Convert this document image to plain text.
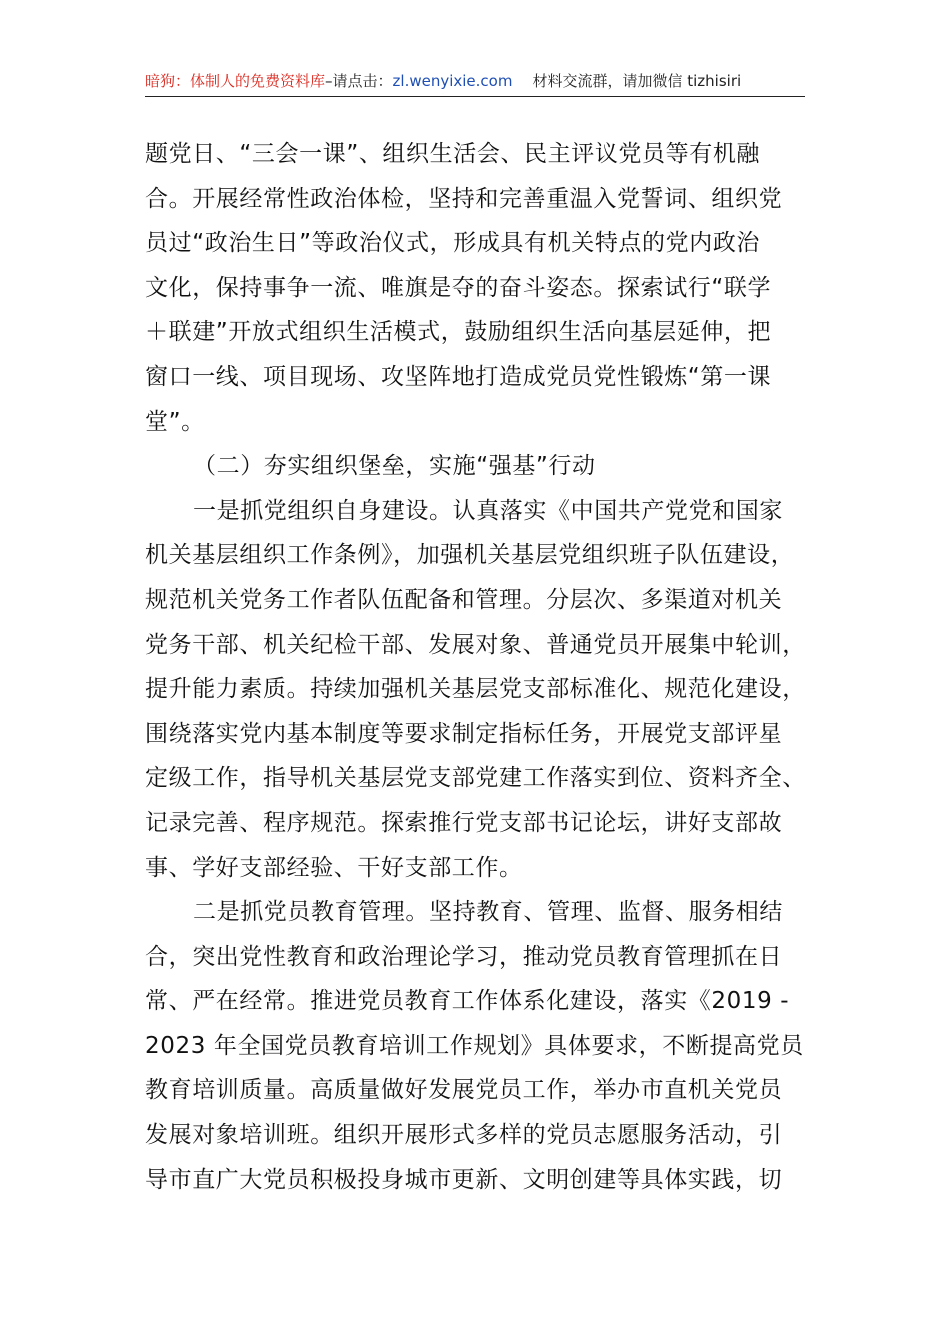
暗狗：体制人的免费资料库–请点击：zl.wenyixie.com 材料交流群，请加微信 tizhisiri
题党日、“三会一课”、组织生活会、民主评议党员等有机融
合。开展经常性政治体检，坚持和完善重温入党誓词、组织党
员过“政治生日”等政治仪式，形成具有机关特点的党内政治
文化，保持事争一流、唯旗是夺的奋斗姿态。探索试行“联学
＋联建”开放式组织生活模式，鼓励组织生活向基层延伸，把
窗口一线、项目现场、攻坚阵地打造成党员党性锻炼“第一课
堂”。
（二）夯实组织堡垒，实施“强基”行动
一是抓党组织自身建设。认真落实《中国共产党党和国家
机关基层组织工作条例》，加强机关基层党组织班子队伍建设，
规范机关党务工作者队伍配备和管理。分层次、多渠道对机关
党务干部、机关纪检干部、发展对象、普通党员开展集中轮训，
提升能力素质。持续加强机关基层党支部标准化、规范化建设，
围绕落实党内基本制度等要求制定指标任务，开展党支部评星
定级工作，指导机关基层党支部党建工作落实到位、资料齐全、
记录完善、程序规范。探索推行党支部书记论坛，讲好支部故
事、学好支部经验、干好支部工作。
二是抓党员教育管理。坚持教育、管理、监督、服务相结
合，突出党性教育和政治理论学习，推动党员教育管理抓在日
常、严在经常。推进党员教育工作体系化建设，落实《2019 -
2023 年全国党员教育培训工作规划》具体要求，不断提高党员
教育培训质量。高质量做好发展党员工作，举办市直机关党员
发展对象培训班。组织开展形式多样的党员志愿服务活动，引
导市直广大党员积极投身城市更新、文明创建等具体实践，切
